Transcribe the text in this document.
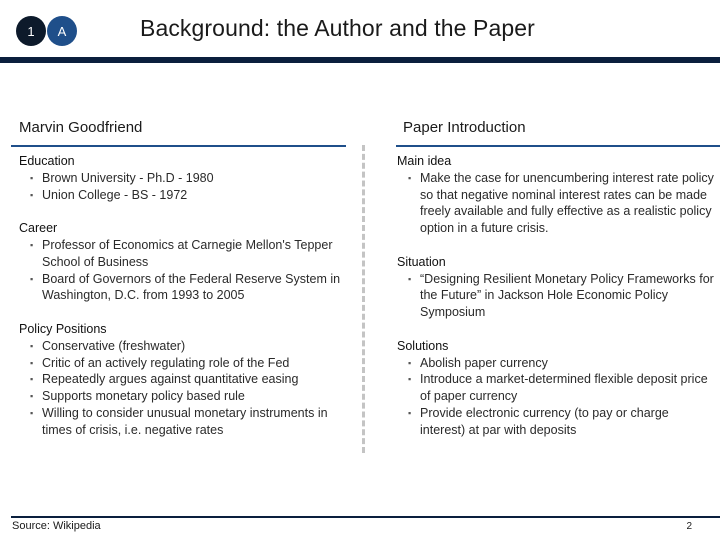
1	A	Background: the Author and the Paper
Marvin Goodfriend	Paper Introduction
Education
▪ Brown University - Ph.D - 1980
▪ Union College - BS - 1972
Career
▪ Professor of Economics at Carnegie Mellon's Tepper School of Business
▪ Board of Governors of the Federal Reserve System in Washington, D.C. from 1993 to 2005
Policy Positions
▪ Conservative (freshwater)
▪ Critic of an actively regulating role of the Fed
▪ Repeatedly argues against quantitative easing
▪ Supports monetary policy based rule
▪ Willing to consider unusual monetary instruments in times of crisis, i.e. negative rates
Main idea
▪ Make the case for unencumbering interest rate policy so that negative nominal interest rates can be made freely available and fully effective as a realistic policy option in a future crisis.
Situation
▪ “Designing Resilient Monetary Policy Frameworks for the Future” in Jackson Hole Economic Policy Symposium
Solutions
▪ Abolish paper currency
▪ Introduce a market-determined flexible deposit price of paper currency
▪ Provide electronic currency (to pay or charge interest) at par with deposits
Source: Wikipedia	2
